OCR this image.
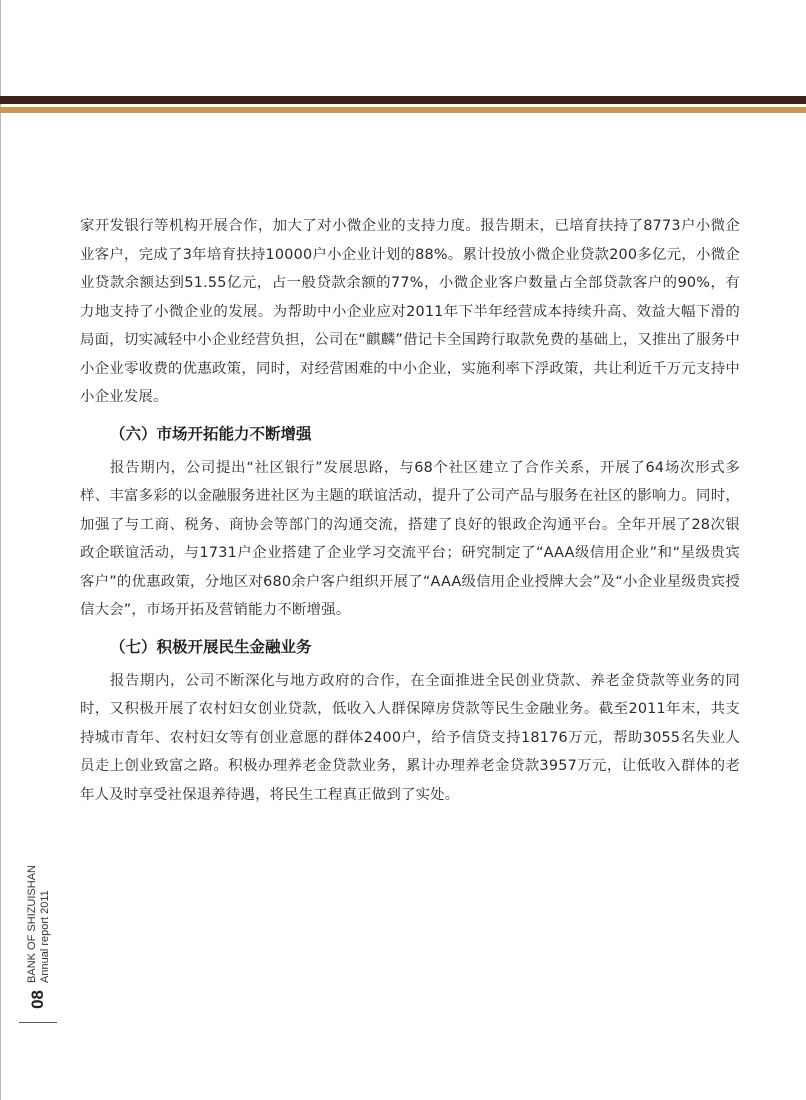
家开发银行等机构开展合作，加大了对小微企业的支持力度。报告期末，已培育扶持了8773户小微企业客户，完成了3年培育扶持10000户小企业计划的88%。累计投放小微企业贷款200多亿元，小微企业贷款余额达到51.55亿元，占一般贷款余额的77%，小微企业客户数量占全部贷款客户的90%，有力地支持了小微企业的发展。为帮助中小企业应对2011年下半年经营成本持续升高、效益大幅下滑的局面，切实减轻中小企业经营负担，公司在“麒麟”借记卡全国跨行取款免费的基础上，又推出了服务中小企业零收费的优惠政策，同时，对经营困难的中小企业，实施利率下浮政策，共让利近千万元支持中小企业发展。

（六）市场开拓能力不断增强

报告期内，公司提出“社区银行”发展思路，与68个社区建立了合作关系，开展了64场次形式多样、丰富多彩的以金融服务进社区为主题的联谊活动，提升了公司产品与服务在社区的影响力。同时，加强了与工商、税务、商协会等部门的沟通交流，搭建了良好的银政企沟通平台。全年开展了28次银政企联谊活动，与1731户企业搭建了企业学习交流平台；研究制定了“AAA级信用企业”和“星级贵宾客户”的优惠政策，分地区对680余户客户组织开展了“AAA级信用企业授牌大会”及“小企业星级贵宾授信大会”，市场开拓及营销能力不断增强。

（七）积极开展民生金融业务

报告期内，公司不断深化与地方政府的合作，在全面推进全民创业贷款、养老金贷款等业务的同时，又积极开展了农村妇女创业贷款，低收入人群保障房贷款等民生金融业务。截至2011年末，共支持城市青年、农村妇女等有创业意愿的群体2400户，给予信贷支持18176万元，帮助3055名失业人员走上创业致富之路。积极办理养老金贷款业务，累计办理养老金贷款3957万元，让低收入群体的老年人及时享受社保退养待遇，将民生工程真正做到了实处。

BANK OF SHIZUISHAN
Annual report 2011
08
